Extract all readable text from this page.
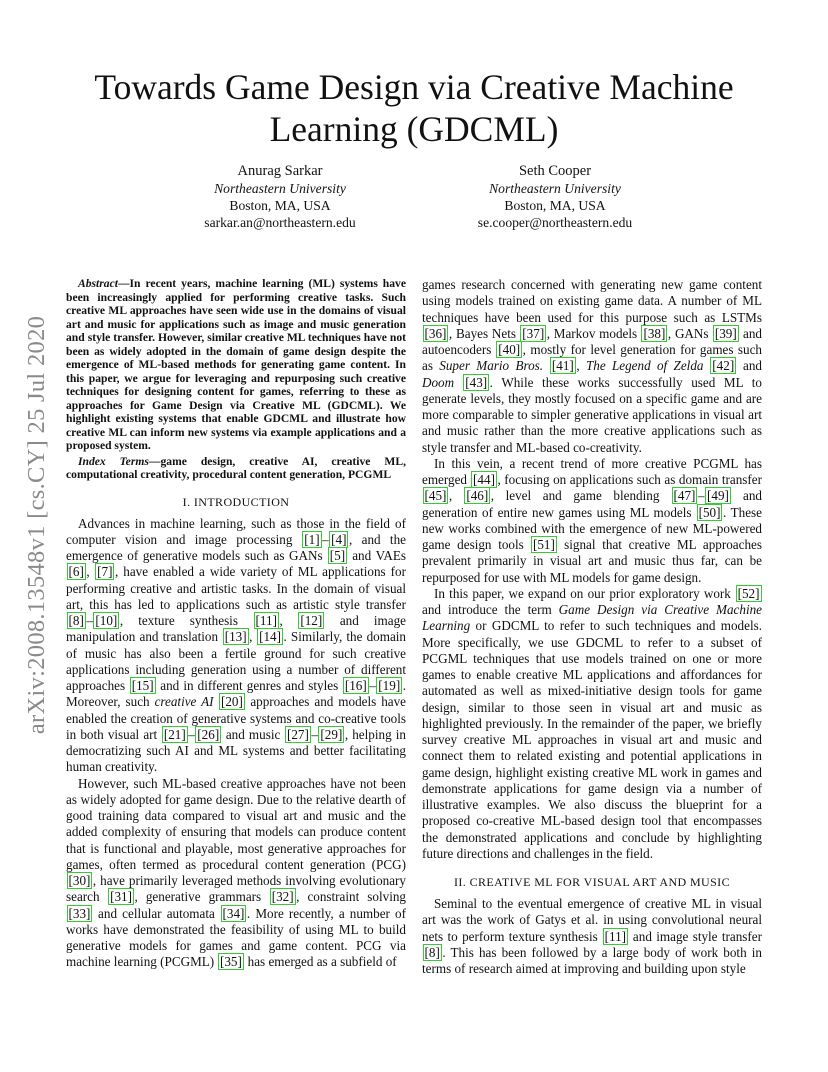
arXiv:2008.13548v1 [cs.CY] 25 Jul 2020
Towards Game Design via Creative Machine Learning (GDCML)
Anurag Sarkar
Northeastern University
Boston, MA, USA
sarkar.an@northeastern.edu
Seth Cooper
Northeastern University
Boston, MA, USA
se.cooper@northeastern.edu

Abstract—In recent years, machine learning (ML) systems have been increasingly applied for performing creative tasks. Such creative ML approaches have seen wide use in the domains of visual art and music for applications such as image and music generation and style transfer. However, similar creative ML techniques have not been as widely adopted in the domain of game design despite the emergence of ML-based methods for generating game content. In this paper, we argue for leveraging and repurposing such creative techniques for designing content for games, referring to these as approaches for Game Design via Creative ML (GDCML). We highlight existing systems that enable GDCML and illustrate how creative ML can inform new systems via example applications and a proposed system.

Index Terms—game design, creative AI, creative ML, computational creativity, procedural content generation, PCGML

I. INTRODUCTION

Advances in machine learning, such as those in the field of computer vision and image processing [1] – [4] , and the emergence of generative models such as GANs [5] and VAEs [6] , [7] , have enabled a wide variety of ML applications for performing creative and artistic tasks. In the domain of visual art, this has led to applications such as artistic style transfer [8] – [10] , texture synthesis [11] , [12] and image manipulation and translation [13] , [14] . Similarly, the domain of music has also been a fertile ground for such creative applications including generation using a number of different approaches [15] and in different genres and styles [16] – [19] . Moreover, such creative AI [20] approaches and models have enabled the creation of generative systems and co-creative tools in both visual art [21] – [26] and music [27] – [29] , helping in democratizing such AI and ML systems and better facilitating human creativity.

However, such ML-based creative approaches have not been as widely adopted for game design. Due to the relative dearth of good training data compared to visual art and music and the added complexity of ensuring that models can produce content that is functional and playable, most generative approaches for games, often termed as procedural content generation (PCG) [30] , have primarily leveraged methods involving evolutionary search [31] , generative grammars [32] , constraint solving [33] and cellular automata [34] . More recently, a number of works have demonstrated the feasibility of using ML to build generative models for games and game content. PCG via machine learning (PCGML) [35] has emerged as a subfield of

games research concerned with generating new game content using models trained on existing game data. A number of ML techniques have been used for this purpose such as LSTMs [36] , Bayes Nets [37] , Markov models [38] , GANs [39] and autoencoders [40] , mostly for level generation for games such as Super Mario Bros. [41] , The Legend of Zelda [42] and Doom [43] . While these works successfully used ML to generate levels, they mostly focused on a specific game and are more comparable to simpler generative applications in visual art and music rather than the more creative applications such as style transfer and ML-based co-creativity.

In this vein, a recent trend of more creative PCGML has emerged [44] , focusing on applications such as domain transfer [45] , [46] , level and game blending [47] – [49] and generation of entire new games using ML models [50] . These new works combined with the emergence of new ML-powered game design tools [51] signal that creative ML approaches prevalent primarily in visual art and music thus far, can be repurposed for use with ML models for game design.

In this paper, we expand on our prior exploratory work [52] and introduce the term Game Design via Creative Machine Learning or GDCML to refer to such techniques and models. More specifically, we use GDCML to refer to a subset of PCGML techniques that use models trained on one or more games to enable creative ML applications and affordances for automated as well as mixed-initiative design tools for game design, similar to those seen in visual art and music as highlighted previously. In the remainder of the paper, we briefly survey creative ML approaches in visual art and music and connect them to related existing and potential applications in game design, highlight existing creative ML work in games and demonstrate applications for game design via a number of illustrative examples. We also discuss the blueprint for a proposed co-creative ML-based design tool that encompasses the demonstrated applications and conclude by highlighting future directions and challenges in the field.

II. CREATIVE ML FOR VISUAL ART AND MUSIC

Seminal to the eventual emergence of creative ML in visual art was the work of Gatys et al. in using convolutional neural nets to perform texture synthesis [11] and image style transfer [8] . This has been followed by a large body of work both in terms of research aimed at improving and building upon style
